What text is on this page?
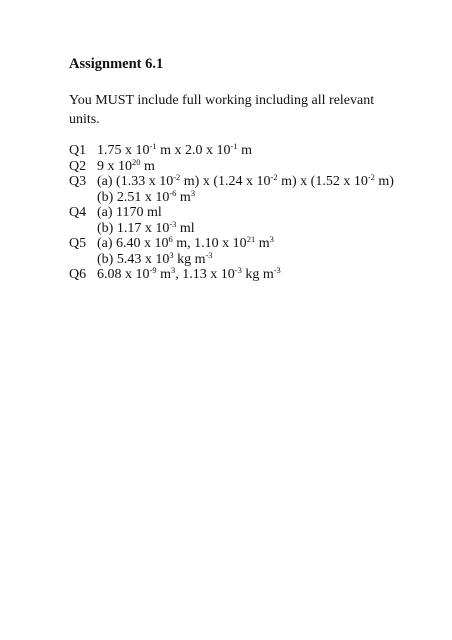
Assignment 6.1
You MUST include full working including all relevant units.
Q1 1.75 x $10^{-1}$ m x 2.0 x $10^{-1}$ m
Q2 9 x $10^{20}$ m
Q3 (a) (1.33 x $10^{-2}$ m) x (1.24 x $10^{-2}$ m) x (1.52 x $10^{-2}$ m)
(b) 2.51 x $10^{-6}$ $m^3$
Q4 (a) 1170 ml
(b) 1.17 x $10^{-3}$ ml
Q5 (a) 6.40 x $10^6$ m, 1.10 x $10^{21}$ $m^3$
(b) 5.43 x $10^3$ kg $m^{-3}$
Q6 6.08 x $10^{-9}$ $m^3$, 1.13 x $10^{-3}$ kg $m^{-3}$
